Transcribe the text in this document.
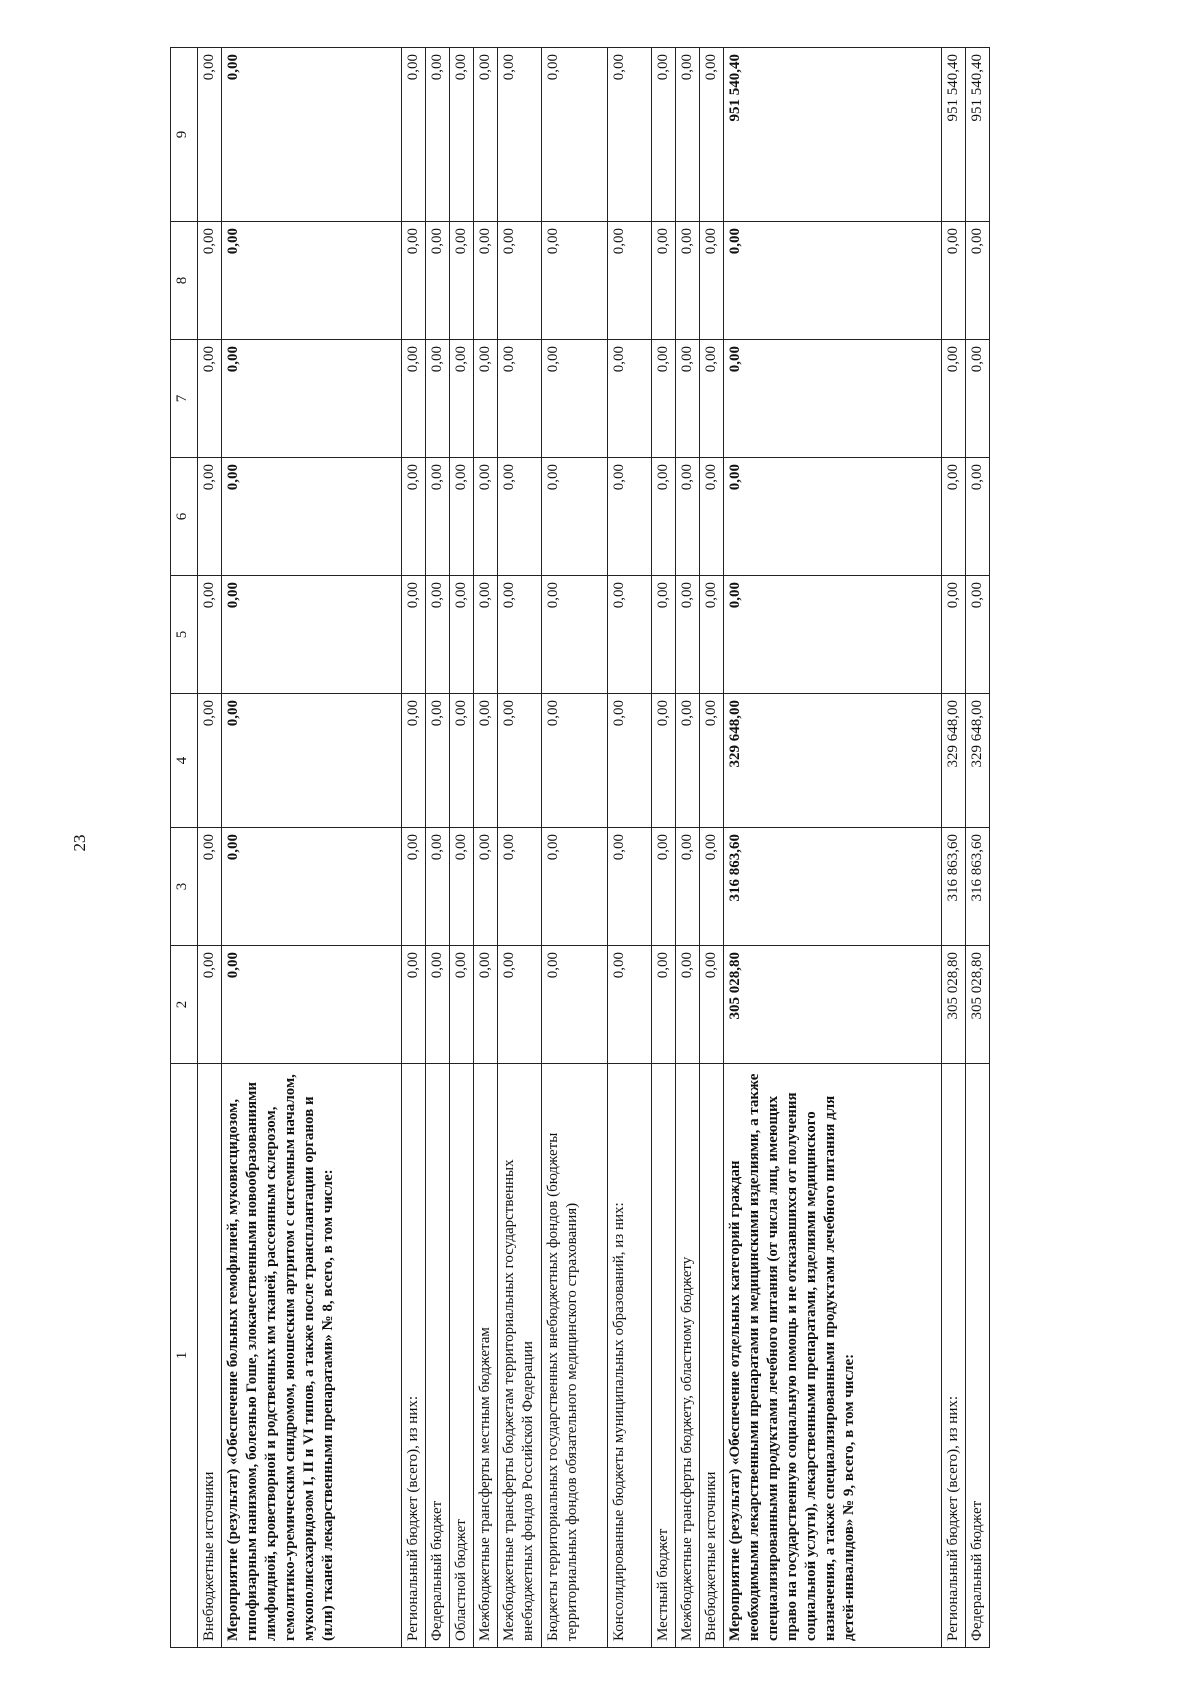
23
1	2	3	4	5	6	7	8	9
Внебюджетные источники	0,00	0,00	0,00	0,00	0,00	0,00	0,00	0,00
Мероприятие (результат) «Обеспечение больных гемофилией, муковисцидозом, гипофизарным нанизмом, болезнью Гоше, злокачественными новообразованиями лимфоидной, кроветворной и родственных им тканей, рассеянным склерозом, гемолитико-уремическим синдромом, юношеским артритом с системным началом, мукополисахаридозом I, II и VI типов, а также после трансплантации органов и (или) тканей лекарственными препаратами» № 8, всего, в том числе:	0,00	0,00	0,00	0,00	0,00	0,00	0,00	0,00
Региональный бюджет (всего), из них:	0,00	0,00	0,00	0,00	0,00	0,00	0,00	0,00
Федеральный бюджет	0,00	0,00	0,00	0,00	0,00	0,00	0,00	0,00
Областной бюджет	0,00	0,00	0,00	0,00	0,00	0,00	0,00	0,00
Межбюджетные трансферты местным бюджетам	0,00	0,00	0,00	0,00	0,00	0,00	0,00	0,00
Межбюджетные трансферты бюджетам территориальных государственных внебюджетных фондов Российской Федерации	0,00	0,00	0,00	0,00	0,00	0,00	0,00	0,00
Бюджеты территориальных государственных внебюджетных фондов (бюджеты территориальных фондов обязательного медицинского страхования)	0,00	0,00	0,00	0,00	0,00	0,00	0,00	0,00
Консолидированные бюджеты муниципальных образований, из них:	0,00	0,00	0,00	0,00	0,00	0,00	0,00	0,00
Местный бюджет	0,00	0,00	0,00	0,00	0,00	0,00	0,00	0,00
Межбюджетные трансферты бюджету, областному бюджету	0,00	0,00	0,00	0,00	0,00	0,00	0,00	0,00
Внебюджетные источники	0,00	0,00	0,00	0,00	0,00	0,00	0,00	0,00
Мероприятие (результат) «Обеспечение отдельных категорий граждан необходимыми лекарственными препаратами и медицинскими изделиями, а также специализированными продуктами лечебного питания (от числа лиц, имеющих право на государственную социальную помощь и не отказавшихся от получения социальной услуги), лекарственными препаратами, изделиями медицинского назначения, а также специализированными продуктами лечебного питания для детей-инвалидов» № 9, всего, в том числе:	305 028,80	316 863,60	329 648,00	0,00	0,00	0,00	0,00	951 540,40
Региональный бюджет (всего), из них:	305 028,80	316 863,60	329 648,00	0,00	0,00	0,00	0,00	951 540,40
Федеральный бюджет	305 028,80	316 863,60	329 648,00	0,00	0,00	0,00	0,00	951 540,40
